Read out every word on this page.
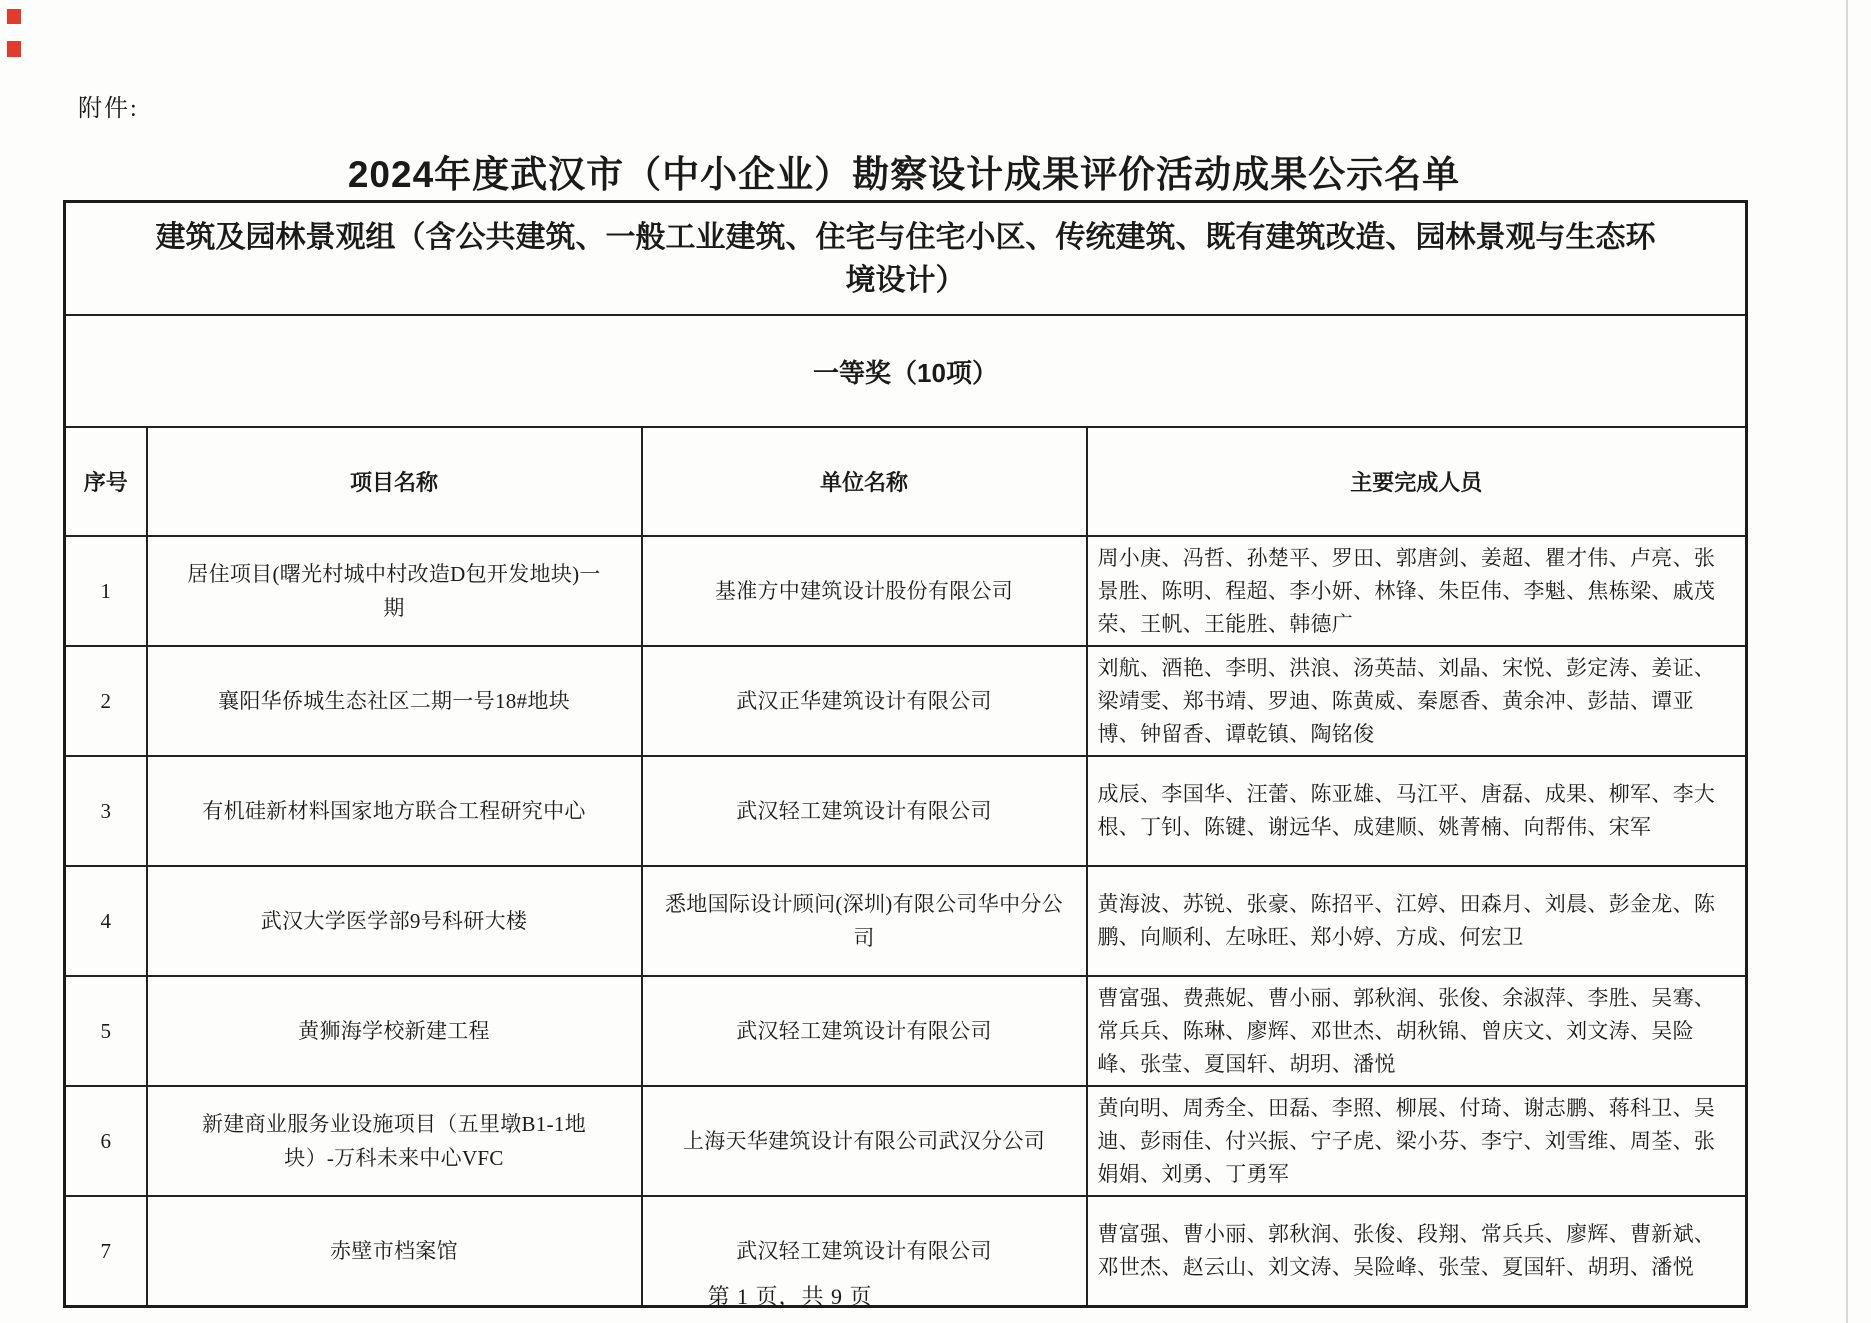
附件:
2024年度武汉市（中小企业）勘察设计成果评价活动成果公示名单
建筑及园林景观组（含公共建筑、一般工业建筑、住宅与住宅小区、传统建筑、既有建筑改造、园林景观与生态环境设计）			
一等奖（10项）			
序号	项目名称	单位名称	主要完成人员
1	居住项目(曙光村城中村改造D包开发地块)一期	基准方中建筑设计股份有限公司	周小庚、冯哲、孙楚平、罗田、郭唐剑、姜超、瞿才伟、卢亮、张景胜、陈明、程超、李小妍、林锋、朱臣伟、李魁、焦栋梁、戚茂荣、王帆、王能胜、韩德广
2	襄阳华侨城生态社区二期一号18#地块	武汉正华建筑设计有限公司	刘航、酒艳、李明、洪浪、汤英喆、刘晶、宋悦、彭定涛、姜证、梁靖雯、郑书靖、罗迪、陈黄威、秦愿香、黄余冲、彭喆、谭亚博、钟留香、谭乾镇、陶铭俊
3	有机硅新材料国家地方联合工程研究中心	武汉轻工建筑设计有限公司	成辰、李国华、汪蕾、陈亚雄、马江平、唐磊、成果、柳军、李大根、丁钊、陈键、谢远华、成建顺、姚菁楠、向帮伟、宋军
4	武汉大学医学部9号科研大楼	悉地国际设计顾问(深圳)有限公司华中分公司	黄海波、苏锐、张豪、陈招平、江婷、田森月、刘晨、彭金龙、陈鹏、向顺利、左咏旺、郑小婷、方成、何宏卫
5	黄狮海学校新建工程	武汉轻工建筑设计有限公司	曹富强、费燕妮、曹小丽、郭秋润、张俊、余淑萍、李胜、吴骞、常兵兵、陈琳、廖辉、邓世杰、胡秋锦、曾庆文、刘文涛、吴险峰、张莹、夏国轩、胡玥、潘悦
6	新建商业服务业设施项目（五里墩B1-1地块）-万科未来中心VFC	上海天华建筑设计有限公司武汉分公司	黄向明、周秀全、田磊、李照、柳展、付琦、谢志鹏、蒋科卫、吴迪、彭雨佳、付兴振、宁子虎、梁小芬、李宁、刘雪维、周荃、张娟娟、刘勇、丁勇军
7	赤壁市档案馆	武汉轻工建筑设计有限公司	曹富强、曹小丽、郭秋润、张俊、段翔、常兵兵、廖辉、曹新斌、邓世杰、赵云山、刘文涛、吴险峰、张莹、夏国轩、胡玥、潘悦
第 1 页，共 9 页
